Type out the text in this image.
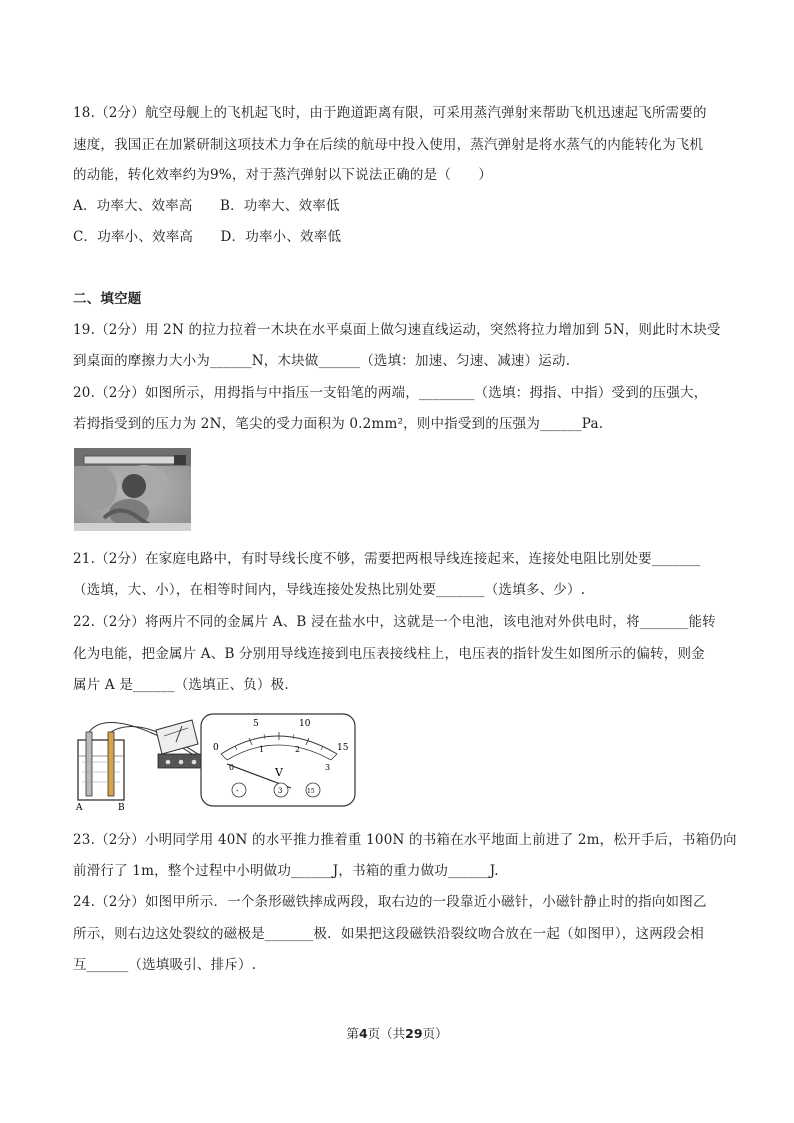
18.（2分）航空母舰上的飞机起飞时，由于跑道距离有限，可采用蒸汽弹射来帮助飞机迅速起飞所需要的
速度，我国正在加紧研制这项技术力争在后续的航母中投入使用，蒸汽弹射是将水蒸气的内能转化为飞机
的动能，转化效率约为9%，对于蒸汽弹射以下说法正确的是（　　）
A．功率大、效率高　　B．功率大、效率低
C．功率小、效率高　　D．功率小、效率低
二、填空题
19.（2分）用 2N 的拉力拉着一木块在水平桌面上做匀速直线运动，突然将拉力增加到 5N，则此时木块受
到桌面的摩擦力大小为______N，木块做______（选填：加速、匀速、减速）运动.
20.（2分）如图所示，用拇指与中指压一支铅笔的两端，________（选填：拇指、中指）受到的压强大，
若拇指受到的压力为 2N，笔尖的受力面积为 0.2mm²，则中指受到的压强为______Pa.
21.（2分）在家庭电路中，有时导线长度不够，需要把两根导线连接起来，连接处电阻比别处要_______
（选填，大、小），在相等时间内，导线连接处发热比别处要_______（选填多、少）.
22.（2分）将两片不同的金属片 A、B 浸在盐水中，这就是一个电池，该电池对外供电时，将_______能转
化为电能，把金属片 A、B 分别用导线连接到电压表接线柱上，电压表的指针发生如图所示的偏转，则金
属片 A 是______（选填正、负）极.
A	B
0
5	10
15
0
1	2
3
V
-	3	15
23.（2分）小明同学用 40N 的水平推力推着重 100N 的书箱在水平地面上前进了 2m，松开手后，书箱仍向
前滑行了 1m，整个过程中小明做功______J，书箱的重力做功______J.
24.（2分）如图甲所示．一个条形磁铁摔成两段，取右边的一段靠近小磁针，小磁针静止时的指向如图乙
所示，则右边这处裂纹的磁极是_______极．如果把这段磁铁沿裂纹吻合放在一起（如图甲），这两段会相
互______（选填吸引、排斥）.
第4页（共29页）
